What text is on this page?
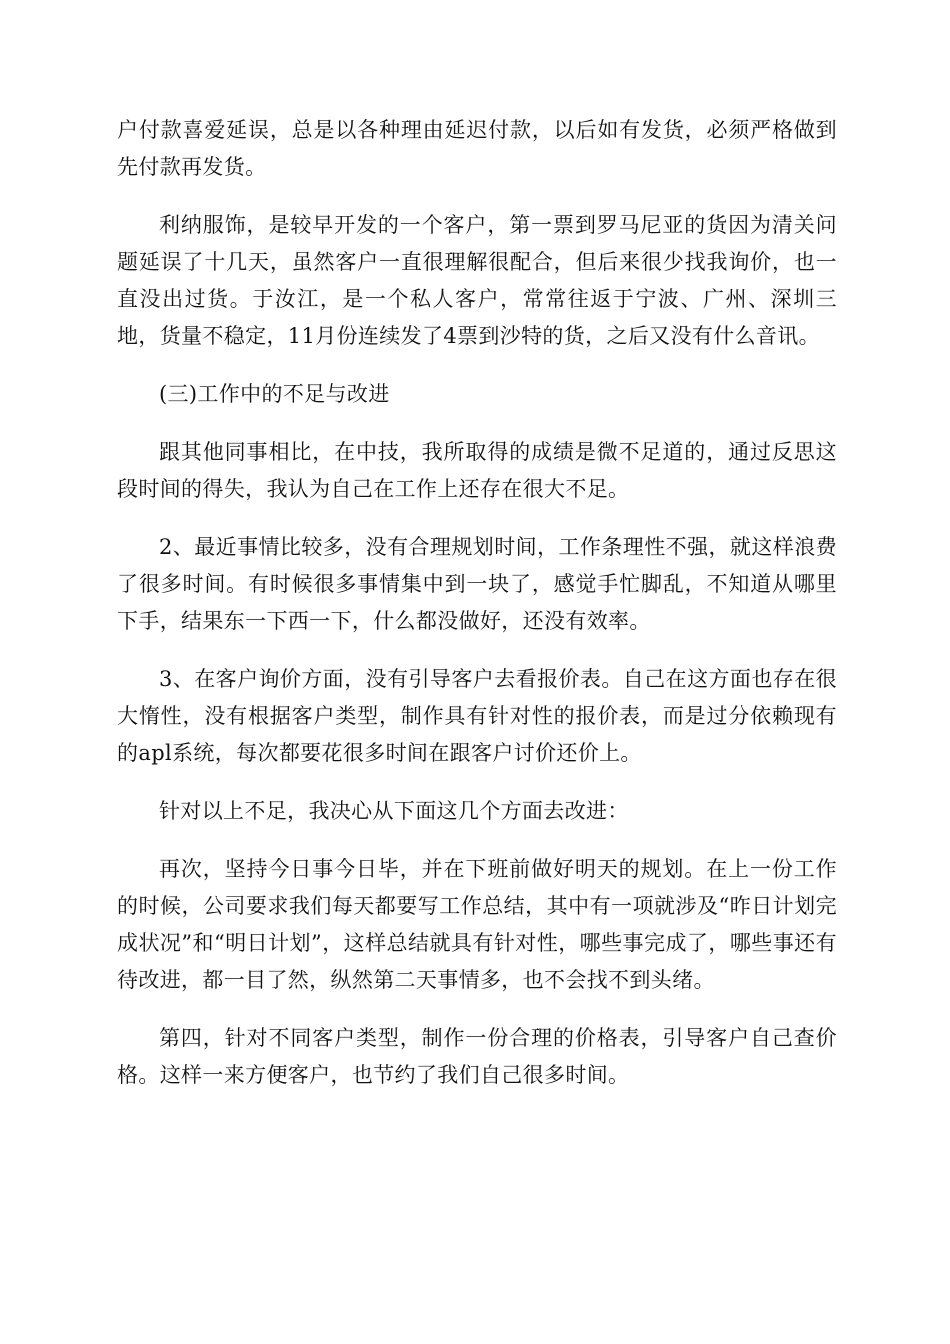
户付款喜爱延误，总是以各种理由延迟付款，以后如有发货，必须严格做到先付款再发货。

利纳服饰，是较早开发的一个客户，第一票到罗马尼亚的货因为清关问题延误了十几天，虽然客户一直很理解很配合，但后来很少找我询价，也一直没出过货。于汝江，是一个私人客户，常常往返于宁波、广州、深圳三地，货量不稳定，11月份连续发了4票到沙特的货，之后又没有什么音讯。

(三)工作中的不足与改进

跟其他同事相比，在中技，我所取得的成绩是微不足道的，通过反思这段时间的得失，我认为自己在工作上还存在很大不足。

2、最近事情比较多，没有合理规划时间，工作条理性不强，就这样浪费了很多时间。有时候很多事情集中到一块了，感觉手忙脚乱，不知道从哪里下手，结果东一下西一下，什么都没做好，还没有效率。

3、在客户询价方面，没有引导客户去看报价表。自己在这方面也存在很大惰性，没有根据客户类型，制作具有针对性的报价表，而是过分依赖现有的apl系统，每次都要花很多时间在跟客户讨价还价上。

针对以上不足，我决心从下面这几个方面去改进：

再次，坚持今日事今日毕，并在下班前做好明天的规划。在上一份工作的时候，公司要求我们每天都要写工作总结，其中有一项就涉及“昨日计划完成状况”和“明日计划”，这样总结就具有针对性，哪些事完成了，哪些事还有待改进，都一目了然，纵然第二天事情多，也不会找不到头绪。

第四，针对不同客户类型，制作一份合理的价格表，引导客户自己查价格。这样一来方便客户，也节约了我们自己很多时间。
